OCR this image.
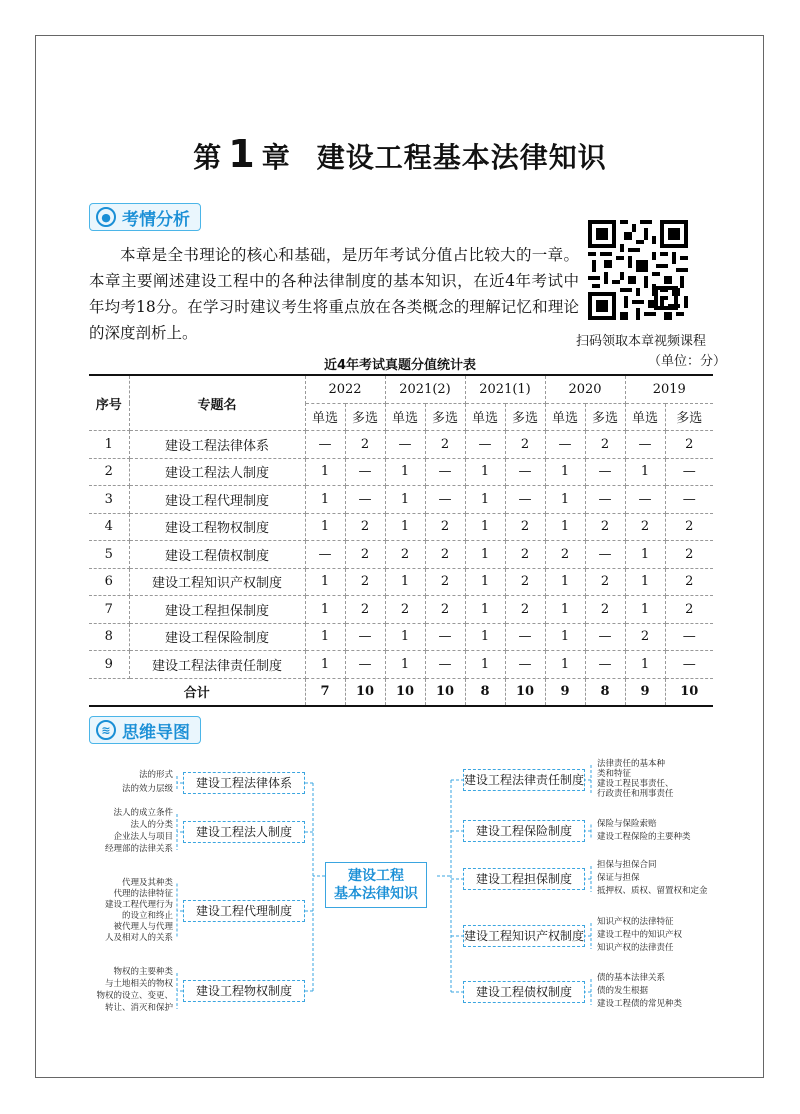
第 1 章 建设工程基本法律知识
● 考情分析

本章是全书理论的核心和基础，是历年考试分值占比较大的一章。本章主要阐述建设工程中的各种法律制度的基本知识，在近4年考试中年均考18分。在学习时建议考生将重点放在各类概念的理解记忆和理论的深度剖析上。	扫码领取本章视频课程
近4年考试真题分值统计表	（单位：分）
序号	专题名	2022		2021(2)		2021(1)		2020		2019	
		单选	多选	单选	多选	单选	多选	单选	多选	单选	多选
1	建设工程法律体系	—	2	—	2	—	2	—	2	—	2
2	建设工程法人制度	1	—	1	—	1	—	1	—	1	—
3	建设工程代理制度	1	—	1	—	1	—	1	—	—	—
4	建设工程物权制度	1	2	1	2	1	2	1	2	2	2
5	建设工程债权制度	—	2	2	2	1	2	2	—	1	2
6	建设工程知识产权制度	1	2	1	2	1	2	1	2	1	2
7	建设工程担保制度	1	2	2	2	1	2	1	2	1	2
8	建设工程保险制度	1	—	1	—	1	—	1	—	2	—
9	建设工程法律责任制度	1	—	1	—	1	—	1	—	1	—
合计		7	10	10	10	8	10	9	8	9	10
≋ 思维导图
建设工程
基本法律知识
建设工程法律体系
法的形式
法的效力层级
建设工程法人制度
法人的成立条件
法人的分类
企业法人与项目
经理部的法律关系
建设工程代理制度
代理及其种类
代理的法律特征
建设工程代理行为
的设立和终止
被代理人与代理
人及相对人的关系
建设工程物权制度
物权的主要种类
与土地相关的物权
物权的设立、变更、
转让、消灭和保护
建设工程法律责任制度
法律责任的基本种
类和特征
建设工程民事责任、
行政责任和刑事责任
建设工程保险制度
保险与保险索赔
建设工程保险的主要种类
建设工程担保制度
担保与担保合同
保证与担保
抵押权、质权、留置权和定金
建设工程知识产权制度
知识产权的法律特征
建设工程中的知识产权
知识产权的法律责任
建设工程债权制度
债的基本法律关系
债的发生根据
建设工程债的常见种类
